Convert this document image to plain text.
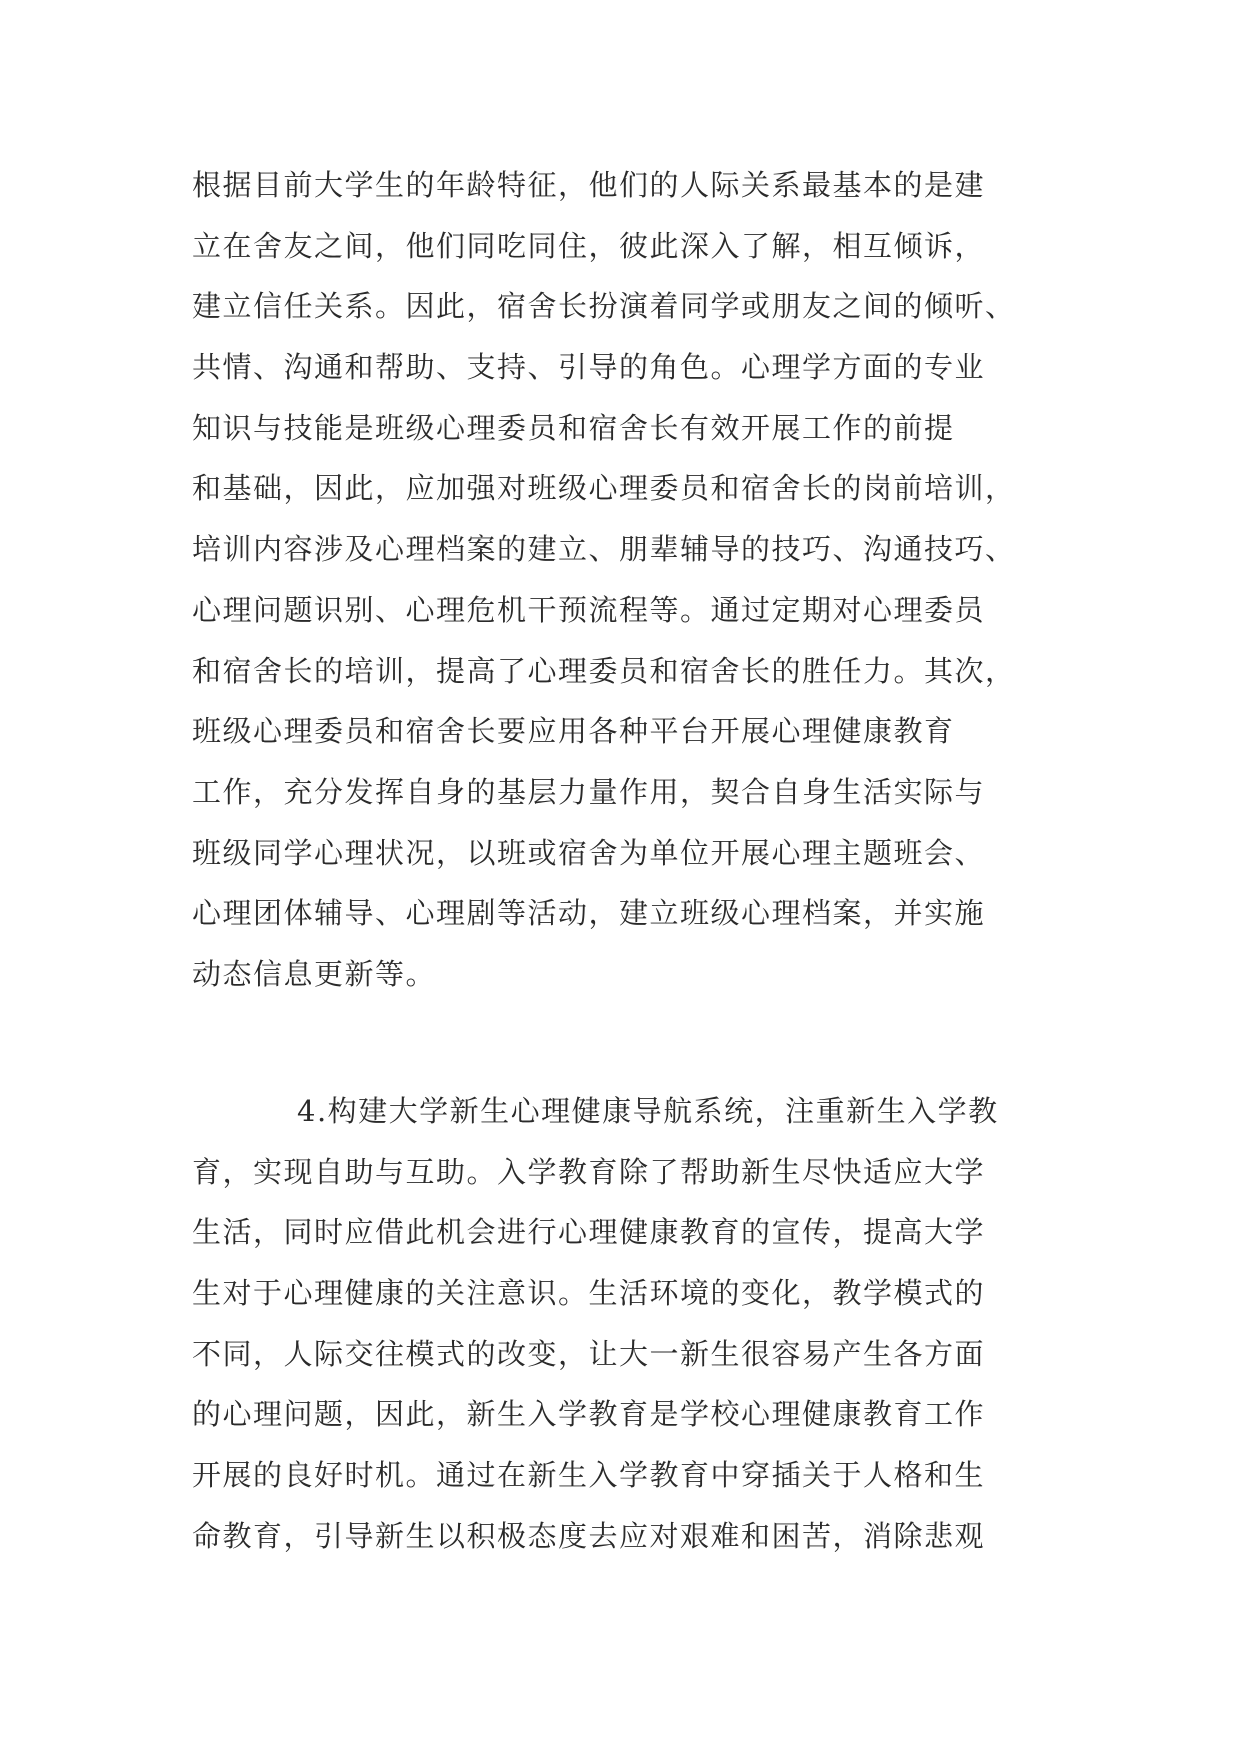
根据目前大学生的年龄特征，他们的人际关系最基本的是建
立在舍友之间，他们同吃同住，彼此深入了解，相互倾诉，
建立信任关系。因此，宿舍长扮演着同学或朋友之间的倾听、
共情、沟通和帮助、支持、引导的角色。心理学方面的专业
知识与技能是班级心理委员和宿舍长有效开展工作的前提
和基础，因此，应加强对班级心理委员和宿舍长的岗前培训，
培训内容涉及心理档案的建立、朋辈辅导的技巧、沟通技巧、
心理问题识别、心理危机干预流程等。通过定期对心理委员
和宿舍长的培训，提高了心理委员和宿舍长的胜任力。其次，
班级心理委员和宿舍长要应用各种平台开展心理健康教育
工作，充分发挥自身的基层力量作用，契合自身生活实际与
班级同学心理状况，以班或宿舍为单位开展心理主题班会、
心理团体辅导、心理剧等活动，建立班级心理档案，并实施
动态信息更新等。
4.构建大学新生心理健康导航系统，注重新生入学教
育，实现自助与互助。入学教育除了帮助新生尽快适应大学
生活，同时应借此机会进行心理健康教育的宣传，提高大学
生对于心理健康的关注意识。生活环境的变化，教学模式的
不同，人际交往模式的改变，让大一新生很容易产生各方面
的心理问题，因此，新生入学教育是学校心理健康教育工作
开展的良好时机。通过在新生入学教育中穿插关于人格和生
命教育，引导新生以积极态度去应对艰难和困苦，消除悲观
